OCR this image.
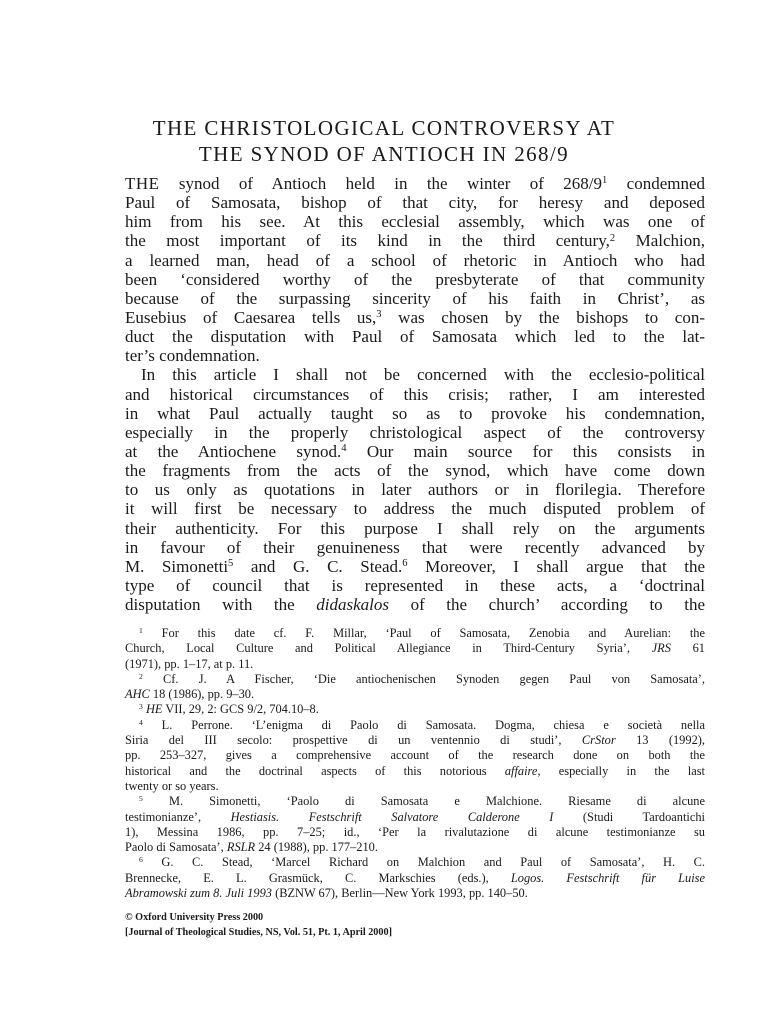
THE CHRISTOLOGICAL CONTROVERSY AT
THE SYNOD OF ANTIOCH IN 268/9
THE synod of Antioch held in the winter of $268/9^1$ condemned
Paul of Samosata, bishop of that city, for heresy and deposed
him from his see. At this ecclesial assembly, which was one of
the most important of its kind in the third century,$^2$ Malchion,
a learned man, head of a school of rhetoric in Antioch who had
been ‘considered worthy of the presbyterate of that community
because of the surpassing sincerity of his faith in Christ’, as
Eusebius of Caesarea tells us,$^3$ was chosen by the bishops to con-
duct the disputation with Paul of Samosata which led to the lat-
ter’s condemnation.
In this article I shall not be concerned with the ecclesio-political
and historical circumstances of this crisis; rather, I am interested
in what Paul actually taught so as to provoke his condemnation,
especially in the properly christological aspect of the controversy
at the Antiochene synod.$^4$ Our main source for this consists in
the fragments from the acts of the synod, which have come down
to us only as quotations in later authors or in florilegia. Therefore
it will first be necessary to address the much disputed problem of
their authenticity. For this purpose I shall rely on the arguments
in favour of their genuineness that were recently advanced by
M. Simonetti$^5$ and G. C. Stead.$^6$ Moreover, I shall argue that the
type of council that is represented in these acts, a ‘doctrinal
disputation with the didaskalos of the church’ according to the
$^1$ For this date cf. F. Millar, ‘Paul of Samosata, Zenobia and Aurelian: the
Church, Local Culture and Political Allegiance in Third-Century Syria’, JRS 61
(1971), pp. 1–17, at p. 11.
$^2$ Cf. J. A Fischer, ‘Die antiochenischen Synoden gegen Paul von Samosata’,
AHC 18 (1986), pp. 9–30.
$^3$ HE VII, 29, 2: GCS 9/2, 704.10–8.
$^4$ L. Perrone. ‘L’enigma di Paolo di Samosata. Dogma, chiesa e società nella
Siria del III secolo: prospettive di un ventennio di studi’, CrStor 13 (1992),
pp. 253–327, gives a comprehensive account of the research done on both the
historical and the doctrinal aspects of this notorious affaire, especially in the last
twenty or so years.
$^5$ M. Simonetti, ‘Paolo di Samosata e Malchione. Riesame di alcune
testimonianze’, Hestiasis. Festschrift Salvatore Calderone I (Studi Tardoantichi
1), Messina 1986, pp. 7–25; id., ‘Per la rivalutazione di alcune testimonianze su
Paolo di Samosata’, RSLR 24 (1988), pp. 177–210.
$^6$ G. C. Stead, ‘Marcel Richard on Malchion and Paul of Samosata’, H. C.
Brennecke, E. L. Grasmück, C. Markschies (eds.), Logos. Festschrift für Luise
Abramowski zum 8. Juli 1993 (BZNW 67), Berlin—New York 1993, pp. 140–50.
© Oxford University Press 2000
[Journal of Theological Studies, NS, Vol. 51, Pt. 1, April 2000]
